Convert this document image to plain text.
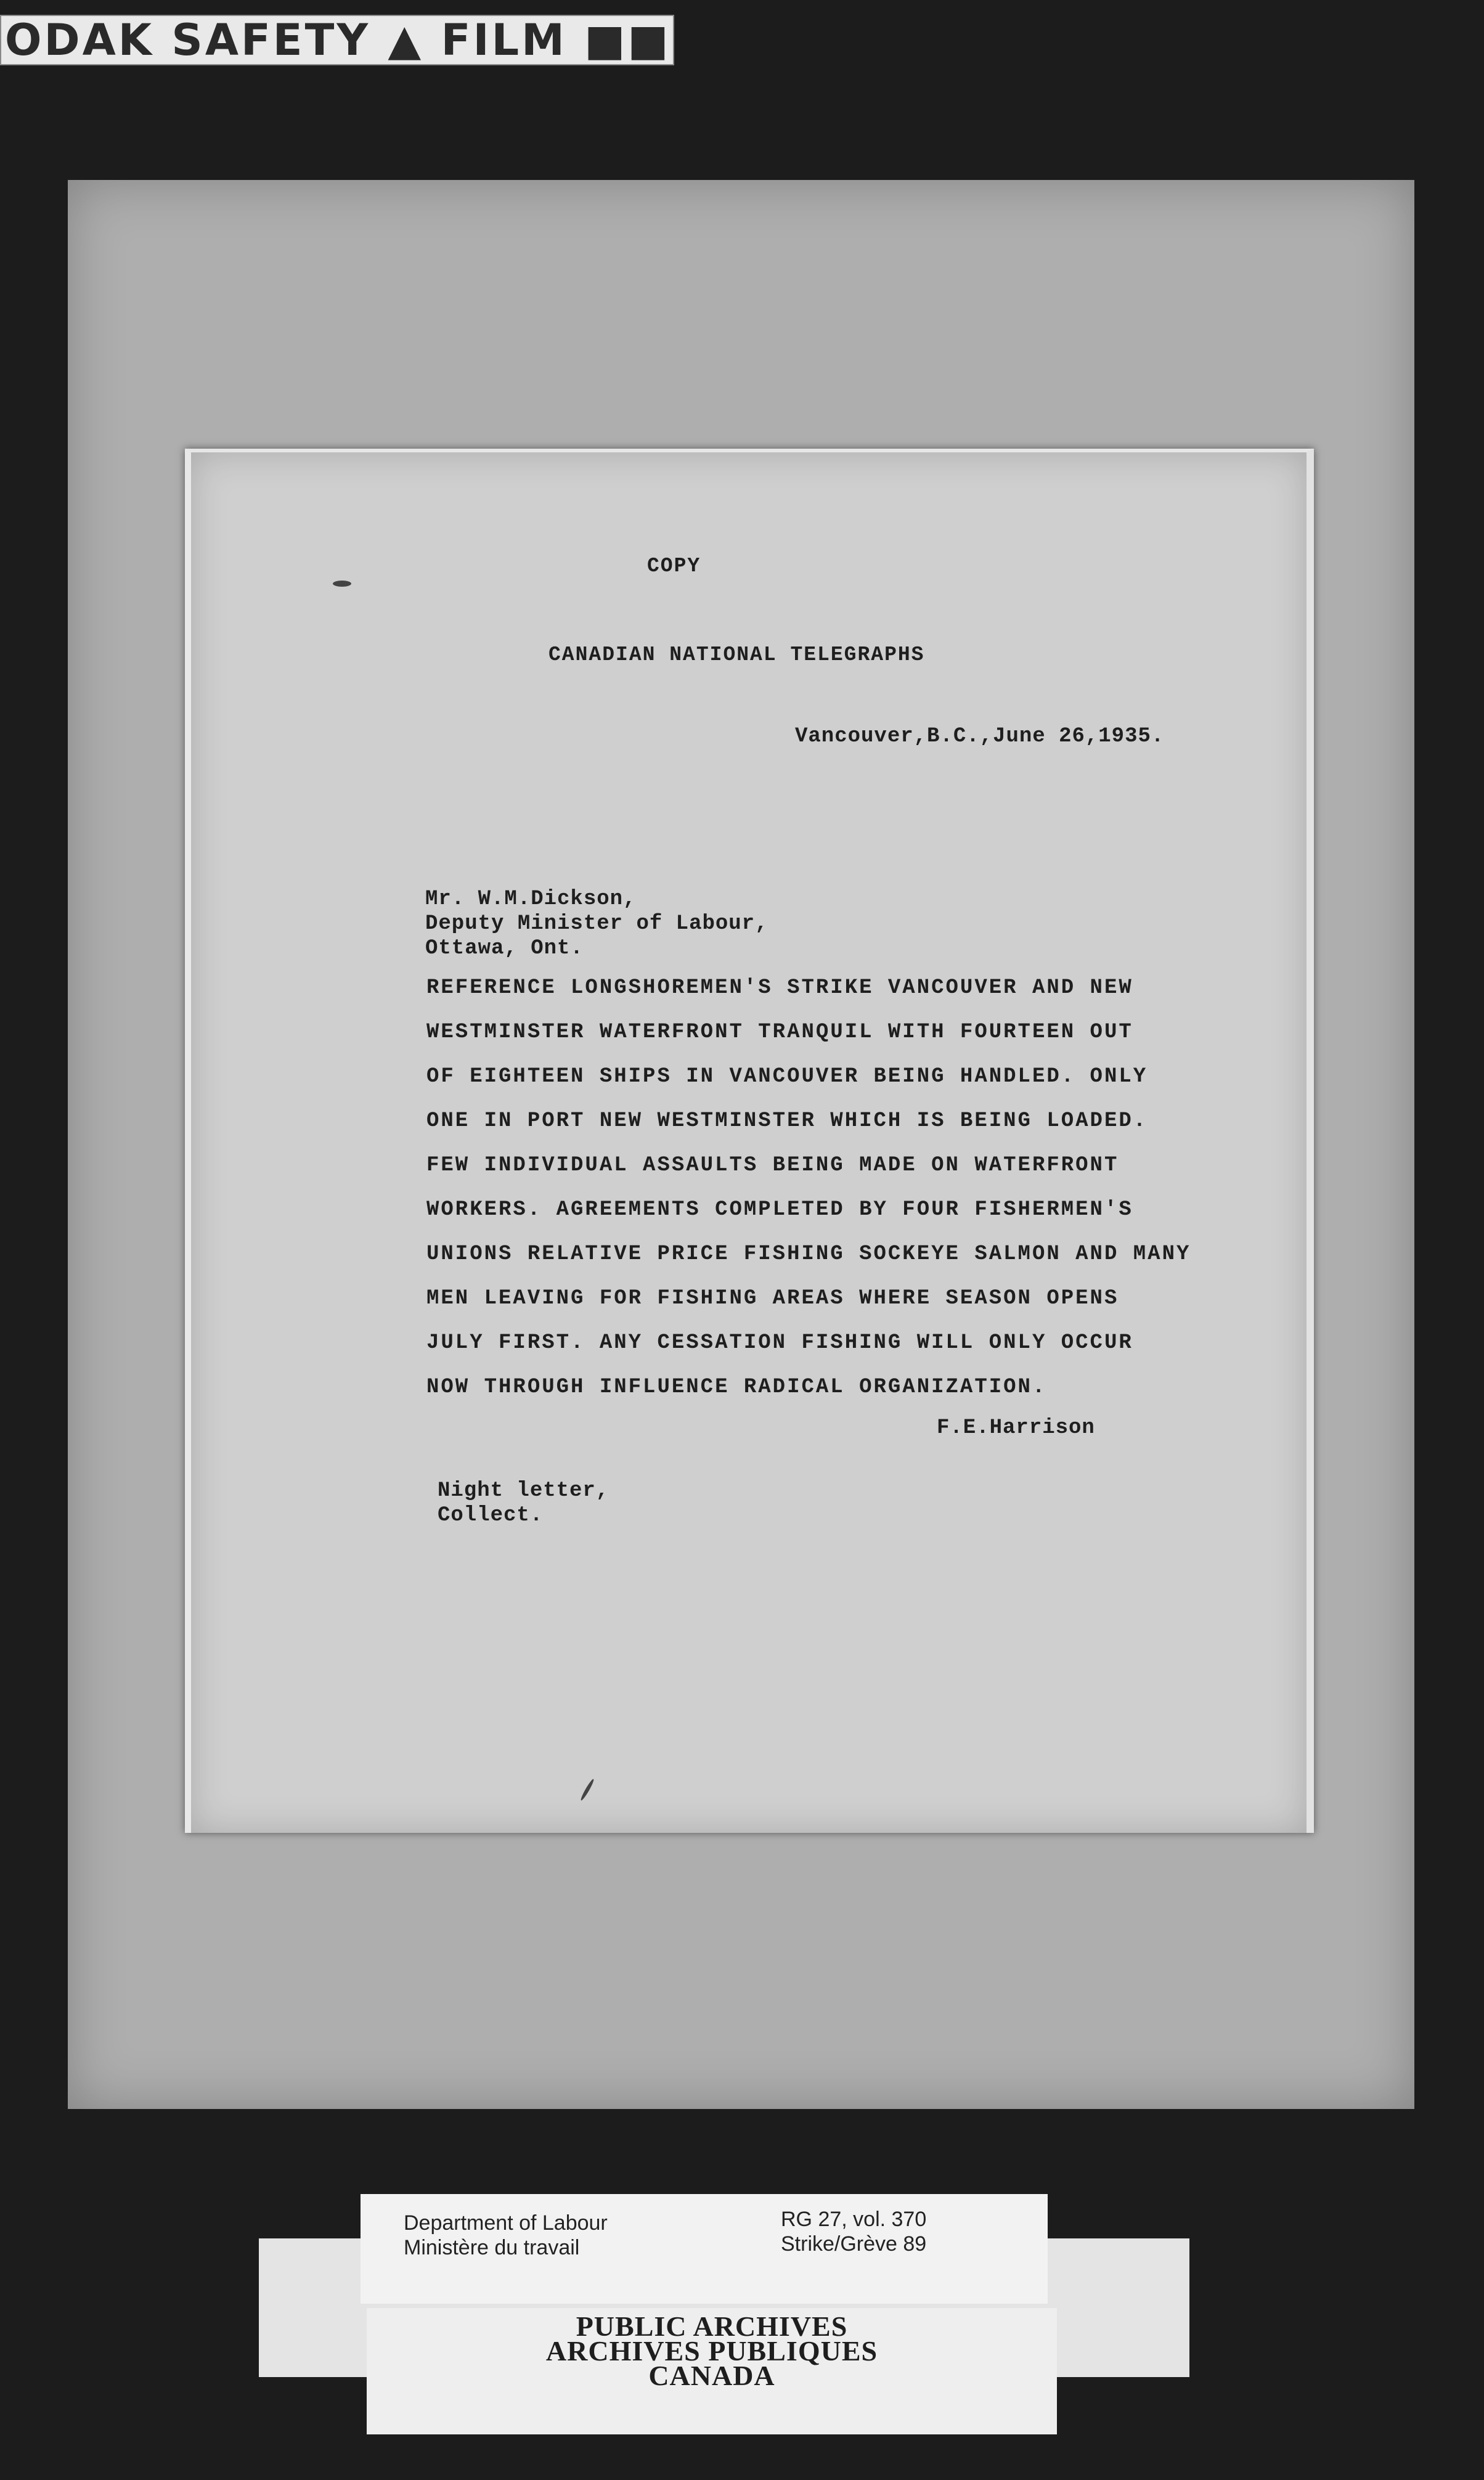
ODAK SAFETY ▲ FILM ■■
COPY
CANADIAN NATIONAL TELEGRAPHS
Vancouver,B.C.,June 26,1935.
Mr. W.M.Dickson,
Deputy Minister of Labour,
Ottawa, Ont.
REFERENCE LONGSHOREMEN'S STRIKE VANCOUVER AND NEW
WESTMINSTER WATERFRONT TRANQUIL WITH FOURTEEN OUT
OF EIGHTEEN SHIPS IN VANCOUVER BEING HANDLED. ONLY
ONE IN PORT NEW WESTMINSTER WHICH IS BEING LOADED.
FEW INDIVIDUAL ASSAULTS BEING MADE ON WATERFRONT
WORKERS. AGREEMENTS COMPLETED BY FOUR FISHERMEN'S
UNIONS RELATIVE PRICE FISHING SOCKEYE SALMON AND MANY
MEN LEAVING FOR FISHING AREAS WHERE SEASON OPENS
JULY FIRST. ANY CESSATION FISHING WILL ONLY OCCUR
NOW THROUGH INFLUENCE RADICAL ORGANIZATION.
F.E.Harrison
Night letter,
Collect.
Department of Labour
Ministère du travail
RG 27, vol. 370
Strike/Grève 89
PUBLIC ARCHIVES
ARCHIVES PUBLIQUES
CANADA
